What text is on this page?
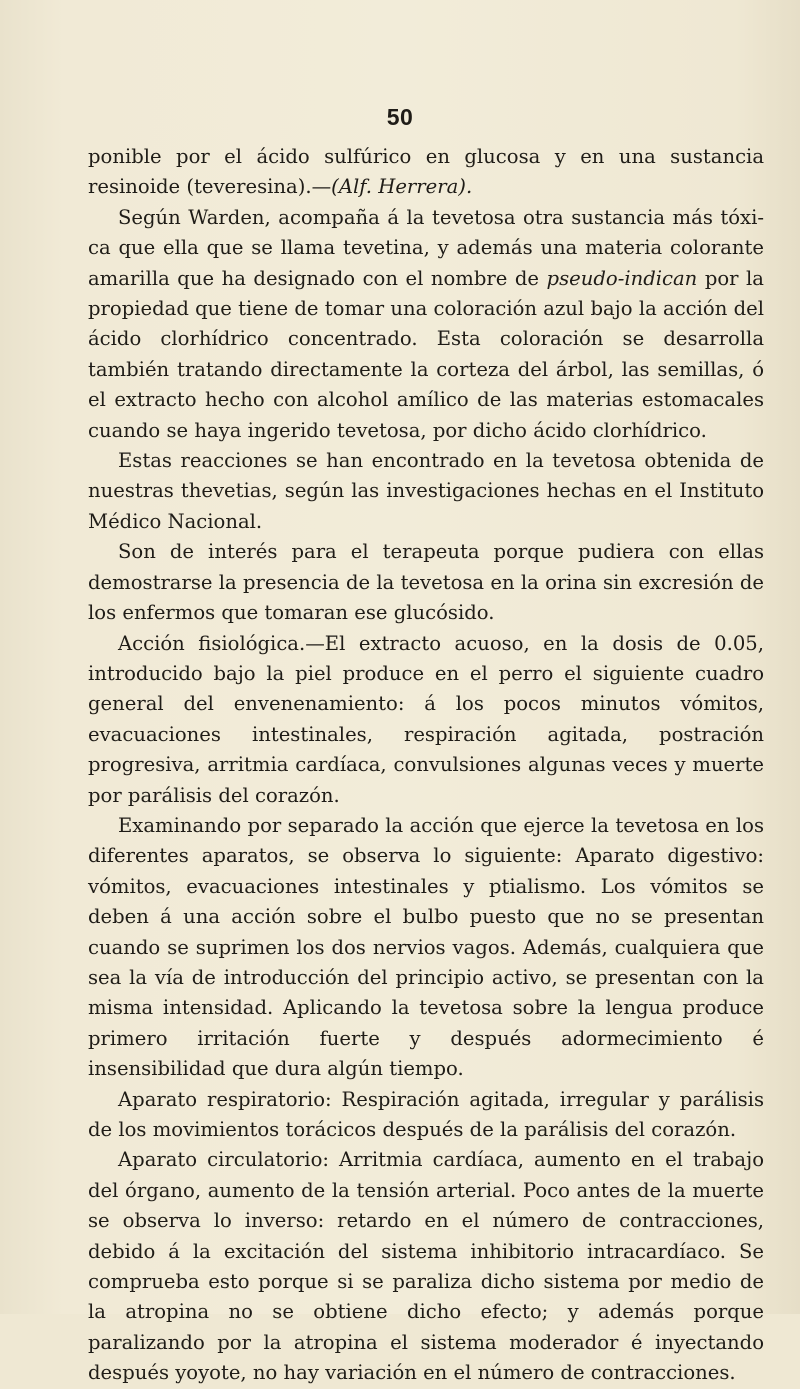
50

ponible por el ácido sulfúrico en glucosa y en una sustancia resinoide (teveresina).—(Alf. Herrera).

Según Warden, acompaña á la tevetosa otra sustancia más tóxica que ella que se llama tevetina, y además una materia colorante amarilla que ha designado con el nombre de pseudo-indican por la propiedad que tiene de tomar una coloración azul bajo la acción del ácido clorhídrico concentrado. Esta coloración se desarrolla también tratando directamente la corteza del árbol, las semillas, ó el extracto hecho con alcohol amílico de las materias estomacales cuando se haya ingerido tevetosa, por dicho ácido clorhídrico.

Estas reacciones se han encontrado en la tevetosa obtenida de nuestras thevetias, según las investigaciones hechas en el Instituto Médico Nacional.

Son de interés para el terapeuta porque pudiera con ellas demostrarse la presencia de la tevetosa en la orina sin excresión de los enfermos que tomaran ese glucósido.

Acción fisiológica.—El extracto acuoso, en la dosis de 0.05, introducido bajo la piel produce en el perro el siguiente cuadro general del envenenamiento: á los pocos minutos vómitos, evacuaciones intestinales, respiración agitada, postración progresiva, arritmia cardíaca, convulsiones algunas veces y muerte por parálisis del corazón.

Examinando por separado la acción que ejerce la tevetosa en los diferentes aparatos, se observa lo siguiente: Aparato digestivo: vómitos, evacuaciones intestinales y ptialismo. Los vómitos se deben á una acción sobre el bulbo puesto que no se presentan cuando se suprimen los dos nervios vagos. Además, cualquiera que sea la vía de introducción del principio activo, se presentan con la misma intensidad. Aplicando la tevetosa sobre la lengua produce primero irritación fuerte y después adormecimiento é insensibilidad que dura algún tiempo.

Aparato respiratorio: Respiración agitada, irregular y parálisis de los movimientos torácicos después de la parálisis del corazón.

Aparato circulatorio: Arritmia cardíaca, aumento en el trabajo del órgano, aumento de la tensión arterial. Poco antes de la muerte se observa lo inverso: retardo en el número de contracciones, debido á la excitación del sistema inhibitorio intracardíaco. Se comprueba esto porque si se paraliza dicho sistema por medio de la atropina no se obtiene dicho efecto; y además porque paralizando por la atropina el sistema moderador é inyectando después yoyote, no hay variación en el número de contracciones.
